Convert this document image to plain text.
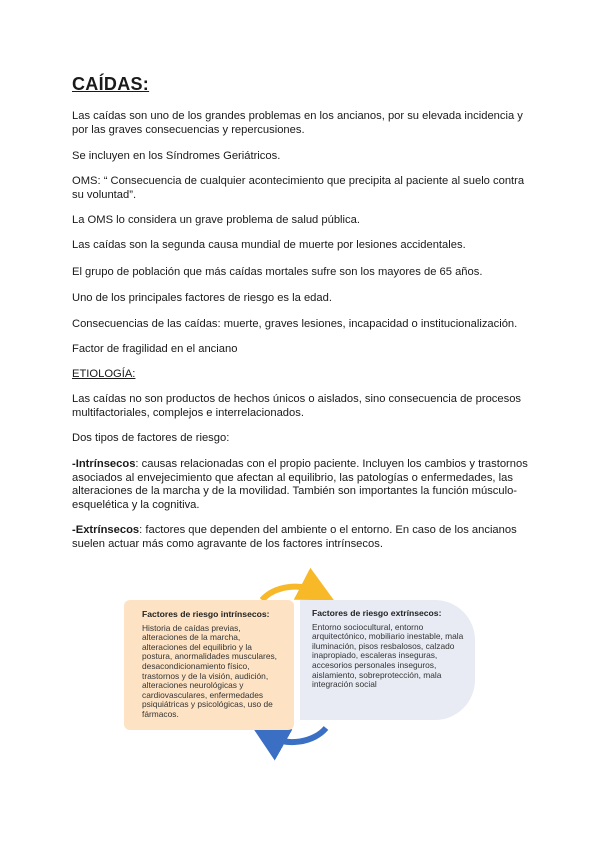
CAÍDAS:

Las caídas son uno de los grandes problemas en los ancianos, por su elevada incidencia y por las graves consecuencias y repercusiones.

Se incluyen en los Síndromes Geriátricos.

OMS: “ Consecuencia de cualquier acontecimiento que precipita al paciente al suelo contra su voluntad”.

La OMS lo considera un grave problema de salud pública.

Las caídas son la segunda causa mundial de muerte por lesiones accidentales.

El grupo de población que más caídas mortales sufre son los mayores de 65 años.

Uno de los principales factores de riesgo es la edad.

Consecuencias de las caídas: muerte, graves lesiones, incapacidad o institucionalización.

Factor de fragilidad en el anciano

ETIOLOGÍA:

Las caídas no son productos de hechos únicos o aislados, sino consecuencia de procesos multifactoriales, complejos e interrelacionados.

Dos tipos de factores de riesgo:

-Intrínsecos: causas relacionadas con el propio paciente. Incluyen los cambios y trastornos asociados al envejecimiento que afectan al equilibrio, las patologías o enfermedades, las alteraciones de la marcha y de la movilidad. También son importantes la función músculo-esquelética y la cognitiva.

-Extrínsecos: factores que dependen del ambiente o el entorno. En caso de los ancianos suelen actuar más como agravante de los factores intrínsecos.

Factores de riesgo extrínsecos:
Entorno sociocultural, entorno arquitectónico, mobiliario inestable, mala iluminación, pisos resbalosos, calzado inapropiado, escaleras inseguras, accesorios personales inseguros, aislamiento, sobreprotección, mala integración social
Factores de riesgo intrínsecos:
Historia de caídas previas, alteraciones de la marcha, alteraciones del equilibrio y la postura, anormalidades musculares, desacondicionamiento físico, trastornos y de la visión, audición, alteraciones neurológicas y cardiovasculares, enfermedades psiquiátricas y psicológicas, uso de fármacos.
